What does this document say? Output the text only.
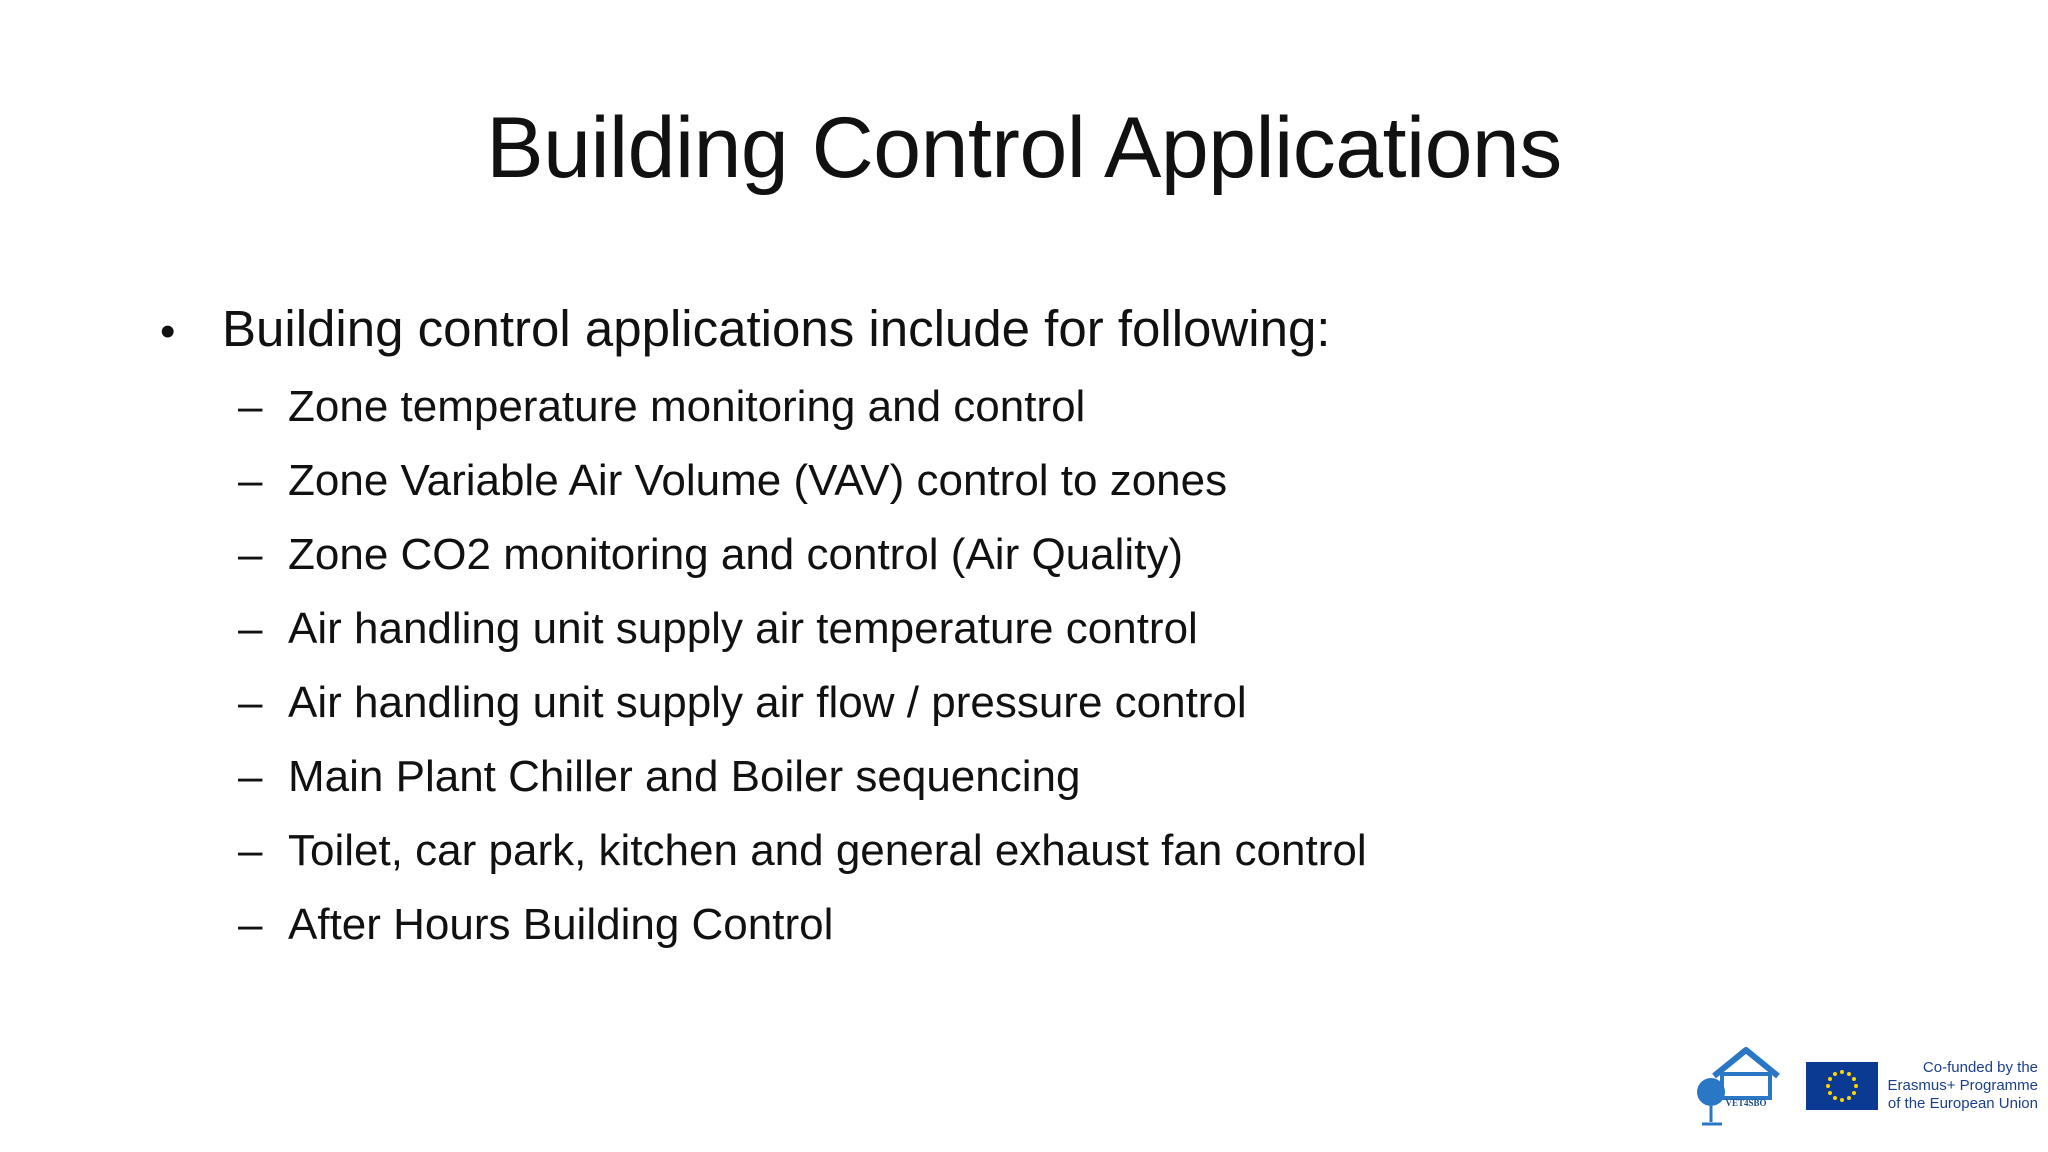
Building Control Applications
• Building control applications include for following:
– Zone temperature monitoring and control
– Zone Variable Air Volume (VAV) control to zones
– Zone CO2 monitoring and control (Air Quality)
– Air handling unit supply air temperature control
– Air handling unit supply air flow / pressure control
– Main Plant Chiller and Boiler sequencing
– Toilet, car park, kitchen and general exhaust fan control
– After Hours Building Control
VET4SBO
Co-funded by the
Erasmus+ Programme
of the European Union
